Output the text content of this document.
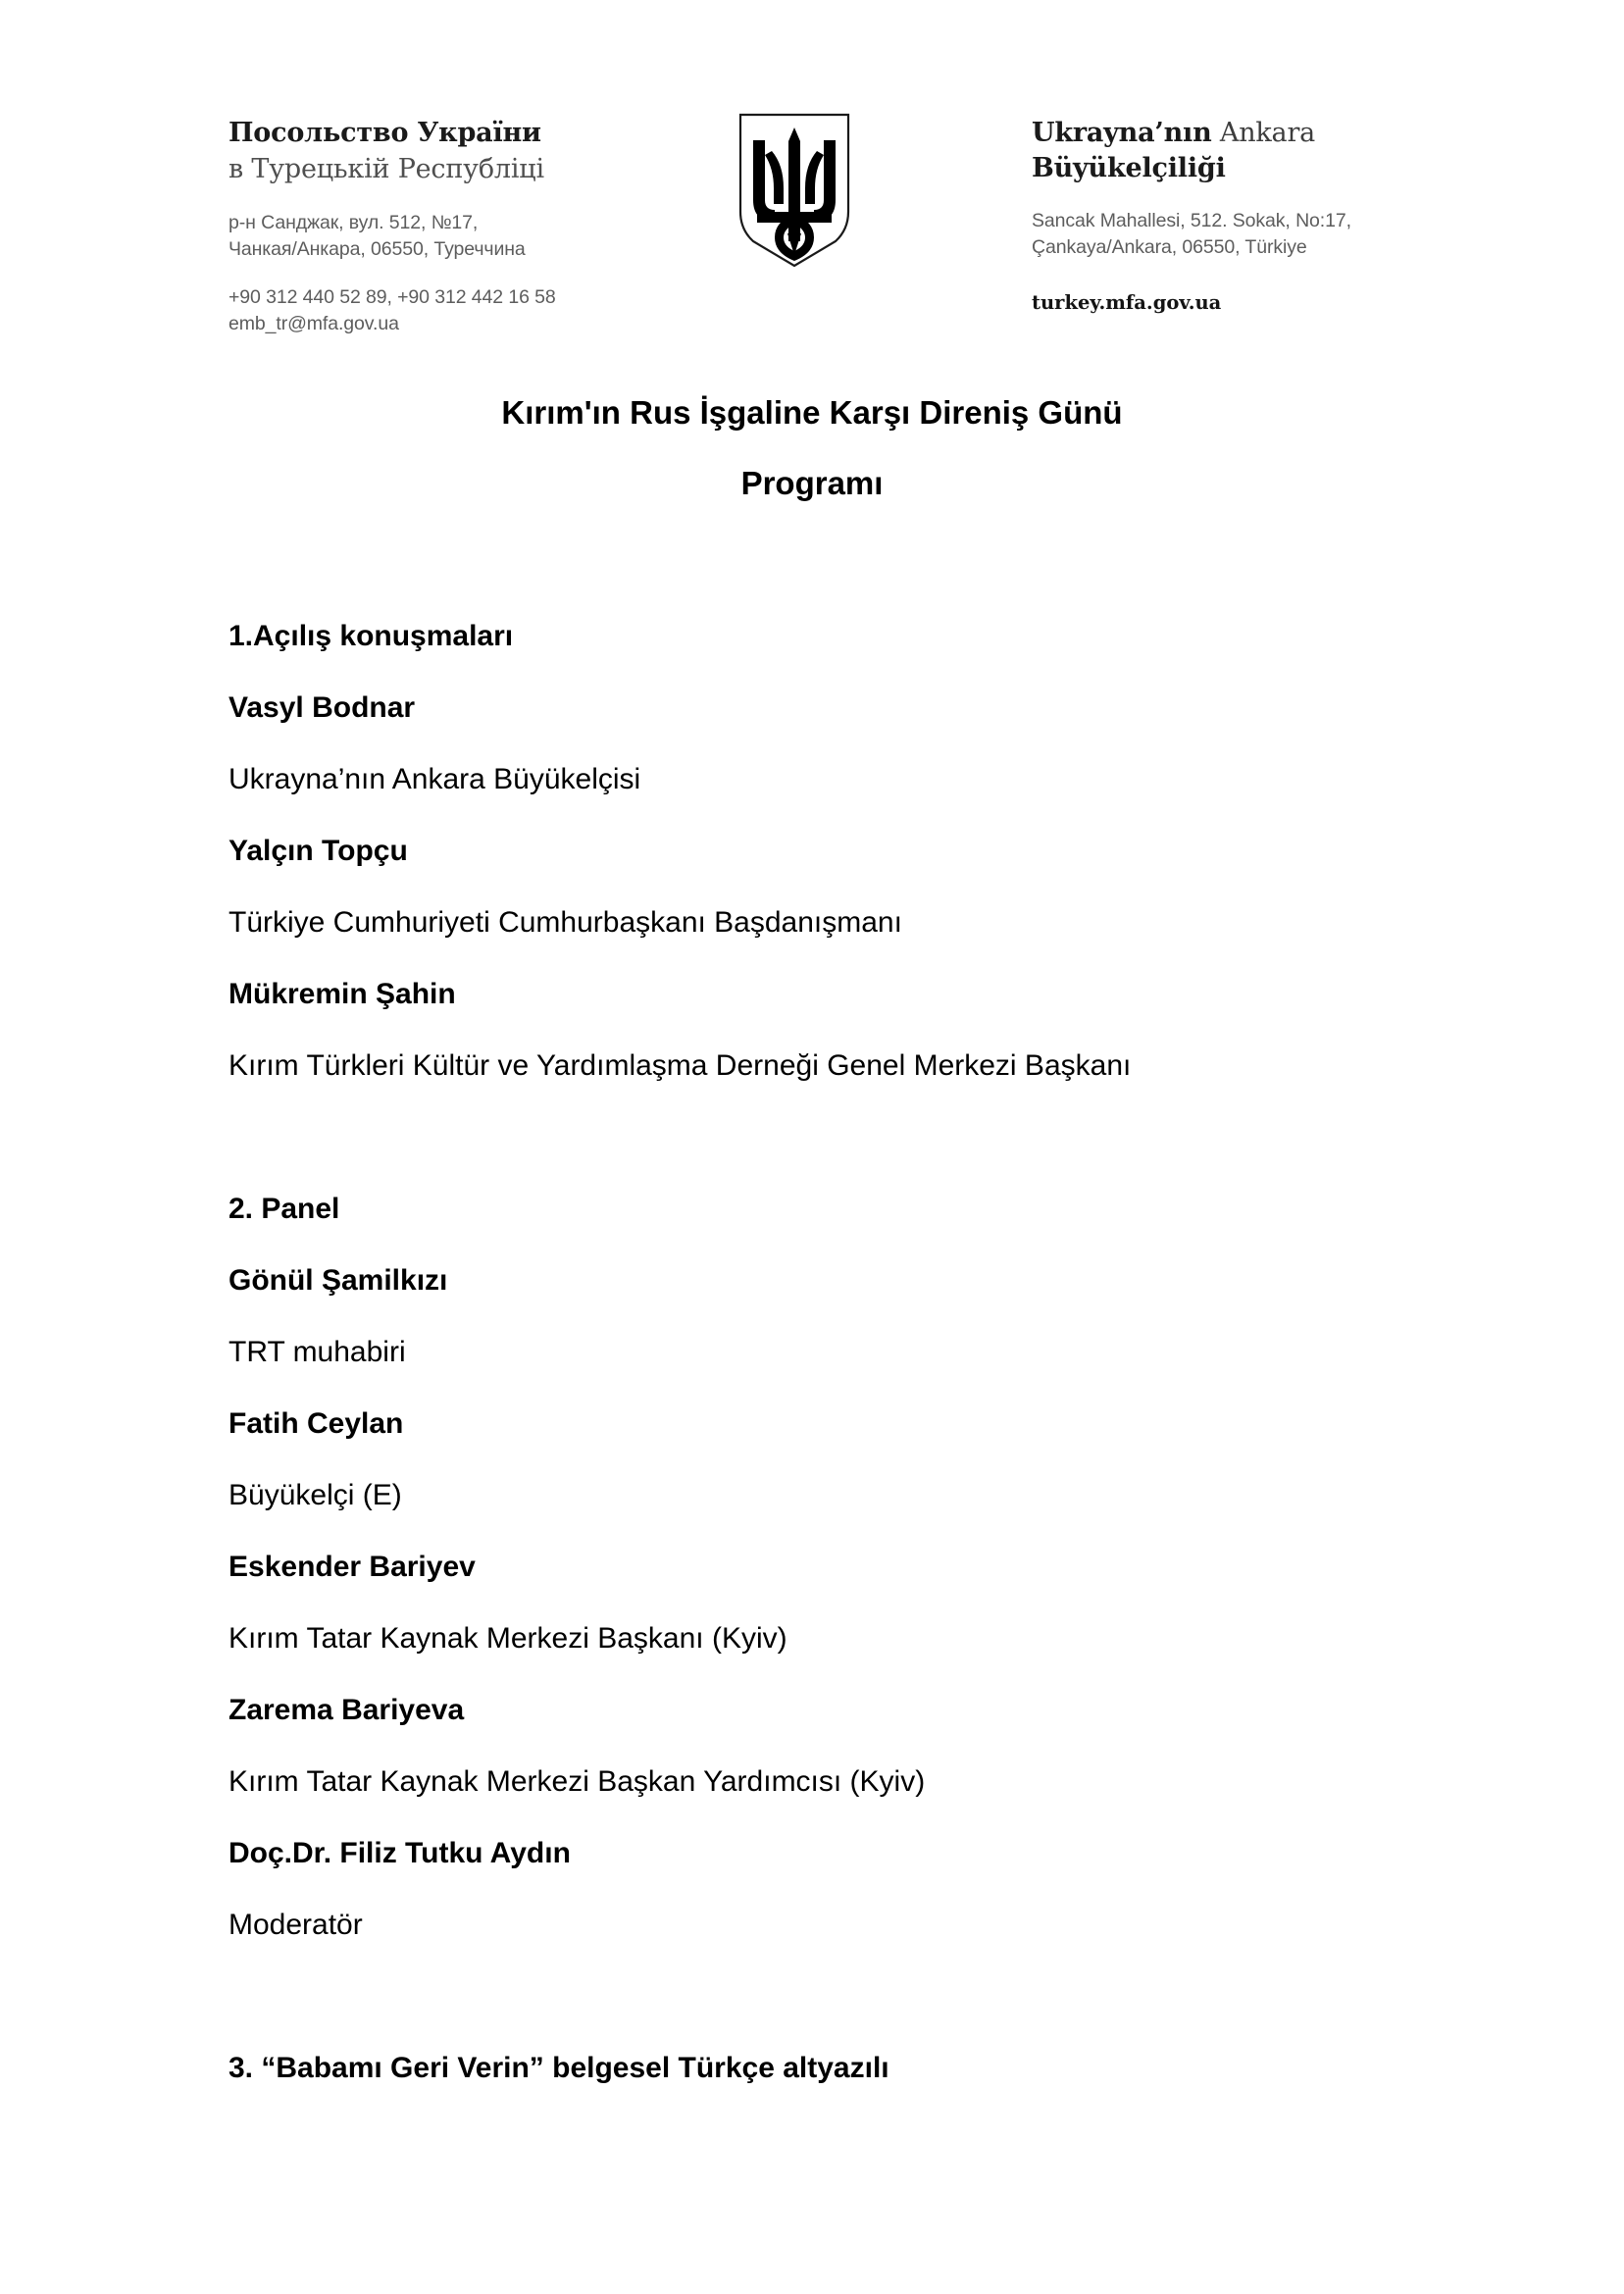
Посольство України
в Турецькій Республіці
р-н Санджак, вул. 512, №17,
Чанкая/Анкара, 06550, Туреччина
+90 312 440 52 89, +90 312 442 16 58
emb_tr@mfa.gov.ua
Ukrayna’nın Ankara
Büyükelçiliği
Sancak Mahallesi, 512. Sokak, No:17,
Çankaya/Ankara, 06550, Türkiye
turkey.mfa.gov.ua
Kırım'ın Rus İşgaline Karşı Direniş Günü
Programı
1.Açılış konuşmaları
Vasyl Bodnar
Ukrayna’nın Ankara Büyükelçisi
Yalçın Topçu
Türkiye Cumhuriyeti Cumhurbaşkanı Başdanışmanı
Mükremin Şahin
Kırım Türkleri Kültür ve Yardımlaşma Derneği Genel Merkezi Başkanı
2. Panel
Gönül Şamilkızı
TRT muhabiri
Fatih Ceylan
Büyükelçi (E)
Eskender Bariyev
Kırım Tatar Kaynak Merkezi Başkanı (Kyiv)
Zarema Bariyeva
Kırım Tatar Kaynak Merkezi Başkan Yardımcısı (Kyiv)
Doç.Dr. Filiz Tutku Aydın
Moderatör
3. “Babamı Geri Verin” belgesel Türkçe altyazılı
